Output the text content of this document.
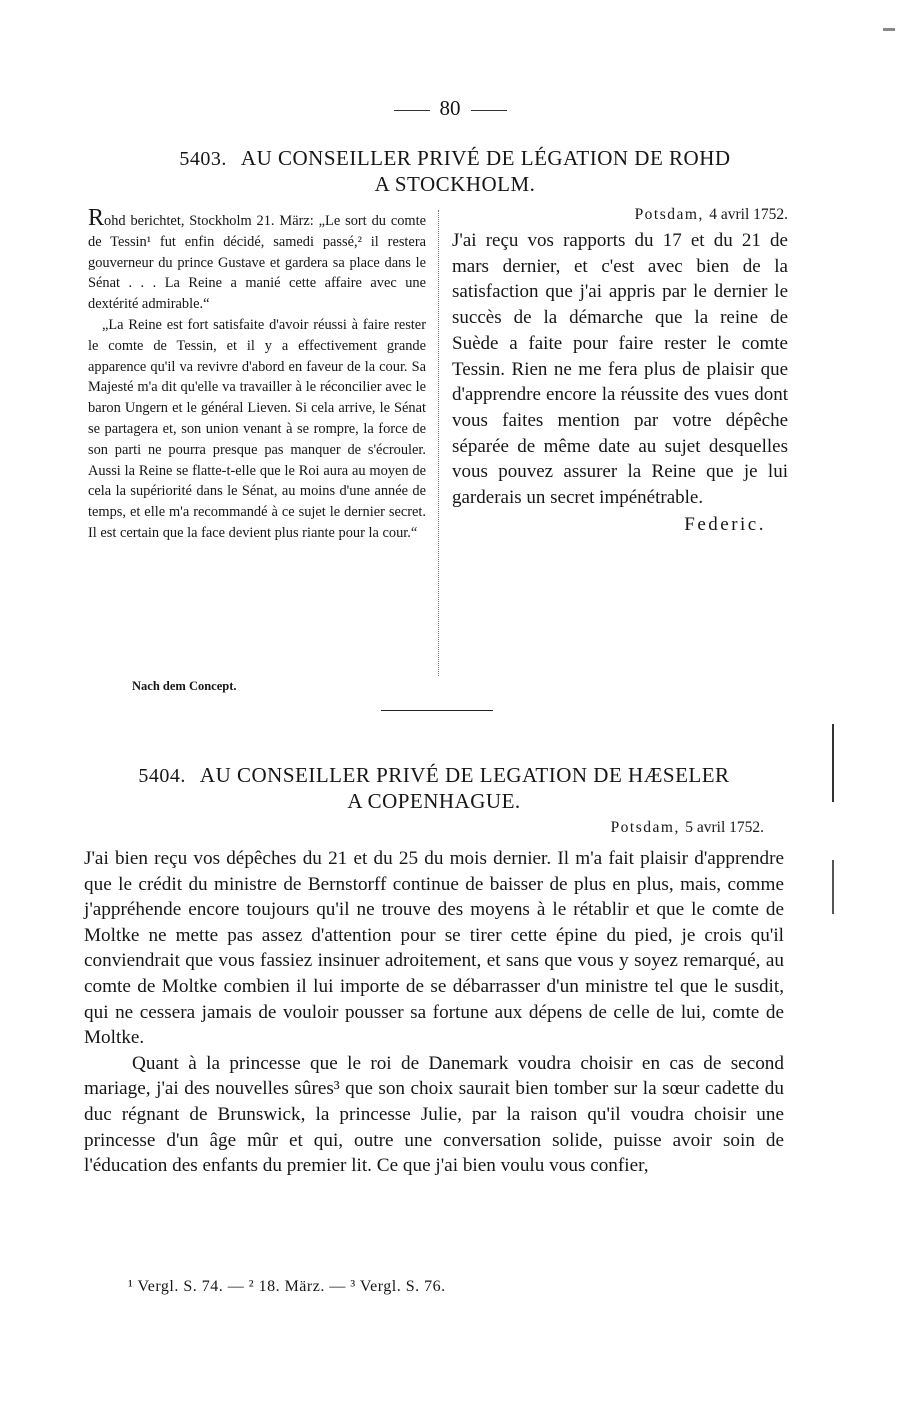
80
5403. AU CONSEILLER PRIVÉ DE LÉGATION DE ROHD
A STOCKHOLM.

Rohd berichtet, Stockholm 21. März: „Le sort du comte de Tessin¹ fut enfin décidé, samedi passé,² il restera gouverneur du prince Gustave et gardera sa place dans le Sénat . . . La Reine a manié cette affaire avec une dextérité admirable.“

„La Reine est fort satisfaite d'avoir réussi à faire rester le comte de Tessin, et il y a effectivement grande apparence qu'il va revivre d'abord en faveur de la cour. Sa Majesté m'a dit qu'elle va travailler à le réconcilier avec le baron Ungern et le général Lieven. Si cela arrive, le Sénat se partagera et, son union venant à se rompre, la force de son parti ne pourra presque pas manquer de s'écrouler. Aussi la Reine se flatte-t-elle que le Roi aura au moyen de cela la supériorité dans le Sénat, au moins d'une année de temps, et elle m'a recommandé à ce sujet le dernier secret. Il est certain que la face devient plus riante pour la cour.“

Nach dem Concept.
Potsdam, 4 avril 1752.

J'ai reçu vos rapports du 17 et du 21 de mars dernier, et c'est avec bien de la satisfaction que j'ai appris par le dernier le succès de la démarche que la reine de Suède a faite pour faire rester le comte Tessin. Rien ne me fera plus de plaisir que d'apprendre encore la réussite des vues dont vous faites mention par votre dépêche séparée de même date au sujet desquelles vous pouvez assurer la Reine que je lui garderais un secret impénétrable.

Federic.
5404. AU CONSEILLER PRIVÉ DE LEGATION DE HÆSELER
A COPENHAGUE.
Potsdam, 5 avril 1752.

J'ai bien reçu vos dépêches du 21 et du 25 du mois dernier. Il m'a fait plaisir d'apprendre que le crédit du ministre de Bernstorff continue de baisser de plus en plus, mais, comme j'appréhende encore toujours qu'il ne trouve des moyens à le rétablir et que le comte de Moltke ne mette pas assez d'attention pour se tirer cette épine du pied, je crois qu'il conviendrait que vous fassiez insinuer adroitement, et sans que vous y soyez remarqué, au comte de Moltke combien il lui importe de se débarrasser d'un ministre tel que le susdit, qui ne cessera jamais de vouloir pousser sa fortune aux dépens de celle de lui, comte de Moltke.

Quant à la princesse que le roi de Danemark voudra choisir en cas de second mariage, j'ai des nouvelles sûres³ que son choix saurait bien tomber sur la sœur cadette du duc régnant de Brunswick, la princesse Julie, par la raison qu'il voudra choisir une princesse d'un âge mûr et qui, outre une conversation solide, puisse avoir soin de l'éducation des enfants du premier lit. Ce que j'ai bien voulu vous confier,

¹ Vergl. S. 74. — ² 18. März. — ³ Vergl. S. 76.
